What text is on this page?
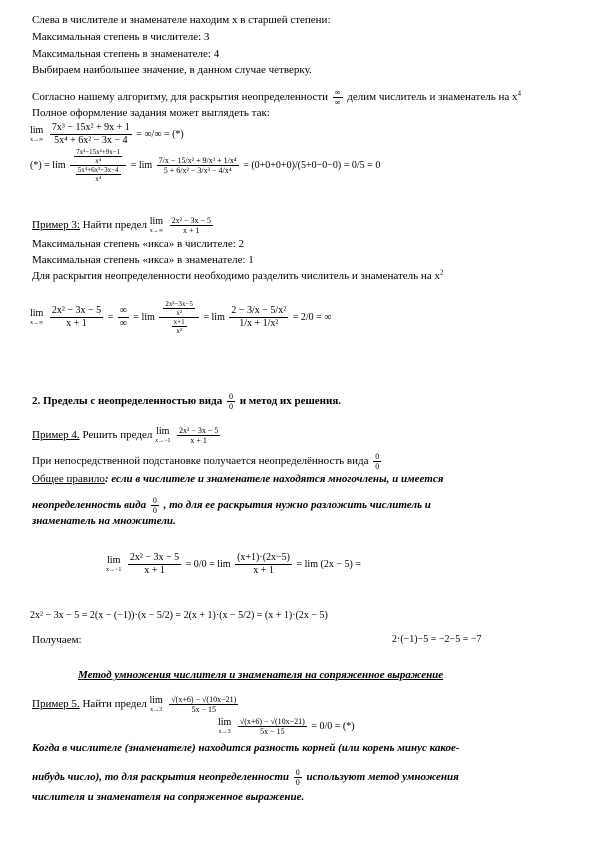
Слева в числителе и знаменателе находим x в старшей степени:
Максимальная степень в числителе: 3
Максимальная степень в знаменателе: 4
Выбираем наибольшее значение, в данном случае четверку.
Согласно нашему алгоритму, для раскрытия неопределенности $\frac{\infty}{\infty}$ делим числитель и знаменатель на $x^4$
Полное оформление задания может выглядеть так:
lim
x→∞
$\frac{\text{7x³ − 15x² + 9x + 1}}{\text{5x⁴ + 6x² − 3x − 4}}$ = ∞/∞ = (*)
(*) = $\lim \frac{\frac{\text{7x³−15x²+9x−1}}{\text{x⁴}}}{\frac{\text{5x⁴+6x²−3x−4}}{\text{x⁴}}} = \lim \frac{\text{7/x − 15/x² + 9/x³ + 1/x⁴}}{\text{5 + 6/x² − 3/x³ − 4/x⁴}} = (0+0+0+0)/(5+0-0-0) = 0/5 = 0$
Пример 3: Найти предел lim
x→∞
$\frac{\text{2x² − 3x − 5}}{x + 1}$
Максимальная степень «икса» в числителе: 2
Максимальная степень «икса» в знаменателе: 1
Для раскрытия неопределенности необходимо разделить числитель и знаменатель на $x^2$
lim
x→∞
$\frac{\text{2x² − 3x − 5}}{x + 1} = \frac{\infty}{\infty} = \lim \frac{\frac{\text{2x²−3x−5}}{\text{x²}}}{\frac{x+1}{\text{x²}}} = \lim \frac{\text{2 − 3/x − 5/x²}}{\text{1/x + 1/x²}} = 2/0$ = ∞
2. Пределы с неопределенностью вида $\frac{0}{0}$ и метод их решения.
Пример 4. Решить предел lim
x→−1
$\frac{\text{2x² − 3x − 5}}{x + 1}$
При непосредственной подстановке получается неопределённость вида $\frac{0}{0}$
Общее правило: если в числителе и знаменателе находятся многочлены, и имеется
неопределенность вида $\frac{0}{0}$ , то для ее раскрытия нужно разложить числитель и
знаменатель на множители.
lim
x→−1
$\frac{\text{2x² − 3x − 5}}{x + 1} = 0/0 = \lim \frac{(x+1)\cdot(2x-5)}{x + 1} = \lim (2x - 5)$ =
2x² − 3x − 5 = 2(x − (−1))·(x − 5/2) = 2(x + 1)·(x − 5/2) = (x + 1)·(2x − 5)
Получаем:	2·(−1)−5 = −2−5 = −7
Метод умножения числителя и знаменателя на сопряженное выражение
Пример 5. Найти предел lim
x→3
$\frac{√(x+6) - √(10x-21)}{5x - 15}$
lim
x→3
$\frac{√(x+6) - √(10x-21)}{5x - 15} = 0/0$ = (*)
Когда в числителе (знаменателе) находится разность корней (или корень минус какое-
нибудь число), то для раскрытия неопределенности $\frac{0}{0}$ используют метод умножения
числителя и знаменателя на сопряженное выражение.
